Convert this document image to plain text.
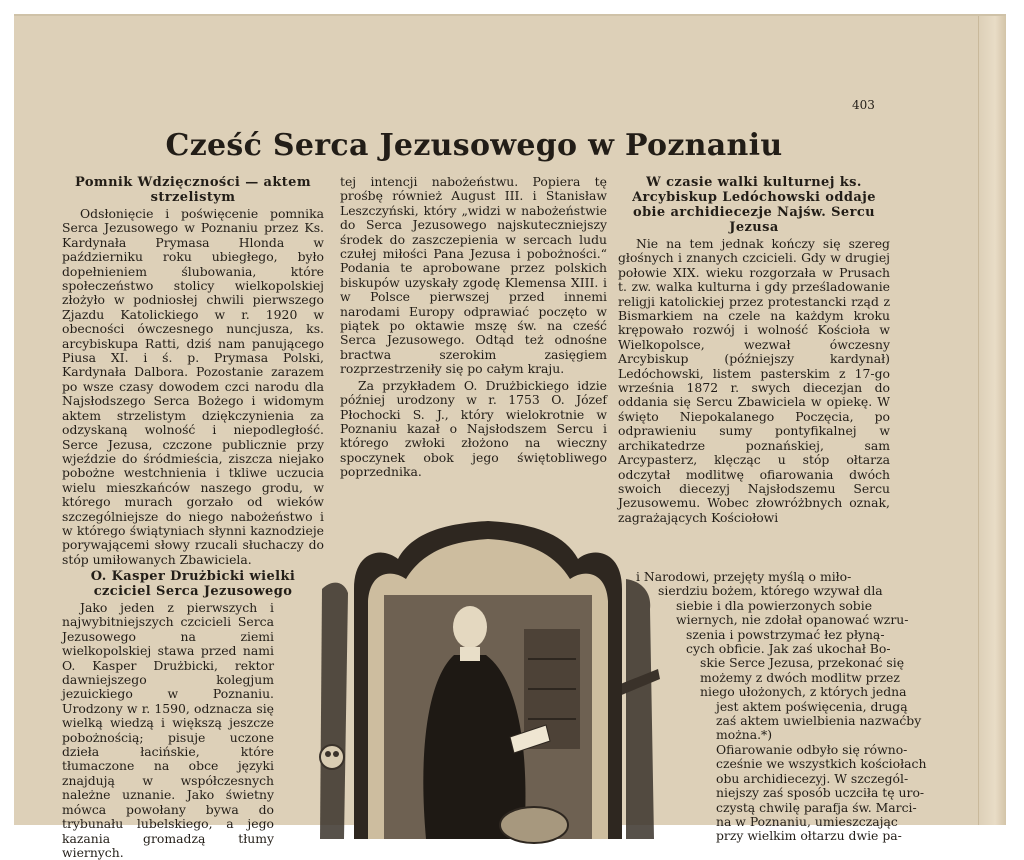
403
Cześć Serca Jezusowego w Poznaniu
Pomnik Wdzięczności — aktem strzelistym

Odsłonięcie i poświęcenie pomnika Serca Jezusowego w Poznaniu przez Ks. Kardynała Prymasa Hlonda w październiku roku ubiegłego, było dopełnieniem ślubowania, które społeczeństwo stolicy wielkopolskiej złożyło w podniosłej chwili pierwszego Zjazdu Katolickiego w r. 1920 w obecności ówczesnego nuncjusza, ks. arcybiskupa Ratti, dziś nam panującego Piusa XI. i ś. p. Prymasa Polski, Kardynała Dalbora. Pozostanie zarazem po wsze czasy dowodem czci narodu dla Najsłodszego Serca Bożego i widomym aktem strzelistym dziękczynienia za odzyskaną wolność i niepodległość. Serce Jezusa, czczone publicznie przy wjeździe do śródmieścia, ziszcza niejako pobożne westchnienia i tkliwe uczucia wielu mieszkańców naszego grodu, w którego murach gorzało od wieków szczególniejsze do niego nabożeństwo i w którego świątyniach słynni kaznodzieje porywającemi słowy rzucali słuchaczy do stóp umiłowanych Zbawiciela.

O. Kasper Drużbicki wielki czciciel Serca Jezusowego

Jako jeden z pierwszych i najwybitniejszych czcicieli Serca Jezusowego na ziemi wielkopolskiej stawa przed nami O. Kasper Drużbicki, rektor dawniejszego kolegjum jezuickiego w Poznaniu. Urodzony w r. 1590, odznacza się wielką wiedzą i większą jeszcze pobożnością; pisuje uczone dzieła łacińskie, które tłumaczone na obce języki znajdują w współczesnych należne uznanie. Jako świetny mówca powołany bywa do trybunału lubelskiego, a jego kazania gromadzą tłumy wiernych.

tej intencji nabożeństwu. Popiera tę prośbę również August III. i Stanisław Leszczyński, który „widzi w nabożeństwie do Serca Jezusowego najskuteczniejszy środek do zaszczepienia w sercach ludu czułej miłości Pana Jezusa i pobożności.“ Podania te aprobowane przez polskich biskupów uzyskały zgodę Klemensa XIII. i w Polsce pierwszej przed innemi narodami Europy odprawiać poczęto w piątek po oktawie mszę św. na cześć Serca Jezusowego. Odtąd też odnośne bractwa szerokim zasięgiem rozprzestrzeniły się po całym kraju.

Za przykładem O. Drużbickiego idzie później urodzony w r. 1753 O. Józef Płochocki S. J., który wielokrotnie w Poznaniu kazał o Najsłodszem Sercu i którego zwłoki złożono na wieczny spoczynek obok jego świętobliwego poprzednika.

W czasie walki kulturnej ks. Arcybiskup Ledóchowski oddaje obie archidiecezje Najśw. Sercu Jezusa

Nie na tem jednak kończy się szereg głośnych i znanych czcicieli. Gdy w drugiej połowie XIX. wieku rozgorzała w Prusach t. zw. walka kulturna i gdy prześladowanie religji katolickiej przez protestancki rząd z Bismarkiem na czele na każdym kroku krępowało rozwój i wolność Kościoła w Wielkopolsce, wezwał ówczesny Arcybiskup (późniejszy kardynał) Ledóchowski, listem pasterskim z 17-go września 1872 r. swych diecezjan do oddania się Sercu Zbawiciela w opiekę. W święto Niepokalanego Poczęcia, po odprawieniu sumy pontyfikalnej w archikatedrze poznańskiej, sam Arcypasterz, klęcząc u stóp ołtarza odczytał modlitwę ofiarowania dwóch swoich diecezyj Najsłodszemu Sercu Jezusowemu. Wobec złowróżbnych oznak, zagrażających Kościołowi

i Narodowi, przejęty myślą o miło-
sierdziu bożem, którego wzywał dla
siebie i dla powierzonych sobie
wiernych, nie zdołał opanować wzru-
szenia i powstrzymać łez płyną-
cych obficie. Jak zaś ukochał Bo-
skie Serce Jezusa, przekonać się
możemy z dwóch modlitw przez
niego ułożonych, z których jedna
jest aktem poświęcenia, drugą
zaś aktem uwielbienia nazwaćby
można.*)
Ofiarowanie odbyło się równo-
cześnie we wszystkich kościołach
obu archidiecezyj. W szczegól-
niejszy zaś sposób uczciła tę uro-
czystą chwilę parafja św. Marci-
na w Poznaniu, umieszczając
przy wielkim ołtarzu dwie pa-
